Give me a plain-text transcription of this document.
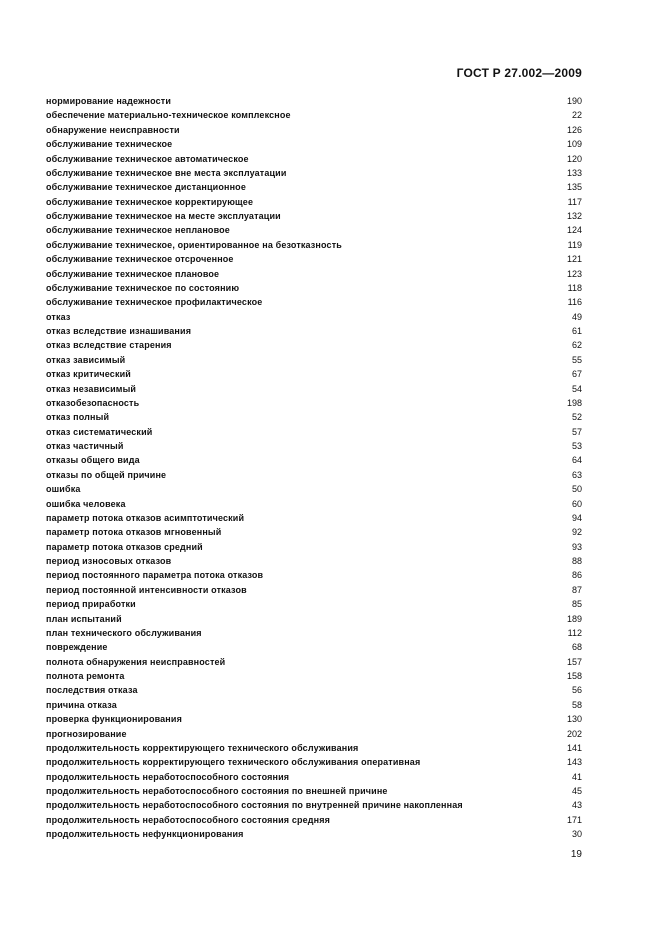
ГОСТ Р 27.002—2009
нормирование надежности	190
обеспечение материально-техническое комплексное	22
обнаружение неисправности	126
обслуживание техническое	109
обслуживание техническое автоматическое	120
обслуживание техническое вне места эксплуатации	133
обслуживание техническое дистанционное	135
обслуживание техническое корректирующее	117
обслуживание техническое на месте эксплуатации	132
обслуживание техническое неплановое	124
обслуживание техническое, ориентированное на безотказность	119
обслуживание техническое отсроченное	121
обслуживание техническое плановое	123
обслуживание техническое по состоянию	118
обслуживание техническое профилактическое	116
отказ	49
отказ вследствие изнашивания	61
отказ вследствие старения	62
отказ зависимый	55
отказ критический	67
отказ независимый	54
отказобезопасность	198
отказ полный	52
отказ систематический	57
отказ частичный	53
отказы общего вида	64
отказы по общей причине	63
ошибка	50
ошибка человека	60
параметр потока отказов асимптотический	94
параметр потока отказов мгновенный	92
параметр потока отказов средний	93
период износовых отказов	88
период постоянного параметра потока отказов	86
период постоянной интенсивности отказов	87
период приработки	85
план испытаний	189
план технического обслуживания	112
повреждение	68
полнота обнаружения неисправностей	157
полнота ремонта	158
последствия отказа	56
причина отказа	58
проверка функционирования	130
прогнозирование	202
продолжительность корректирующего технического обслуживания	141
продолжительность корректирующего технического обслуживания оперативная	143
продолжительность неработоспособного состояния	41
продолжительность неработоспособного состояния по внешней причине	45
продолжительность неработоспособного состояния по внутренней причине накопленная	43
продолжительность неработоспособного состояния средняя	171
продолжительность нефункционирования	30
19
